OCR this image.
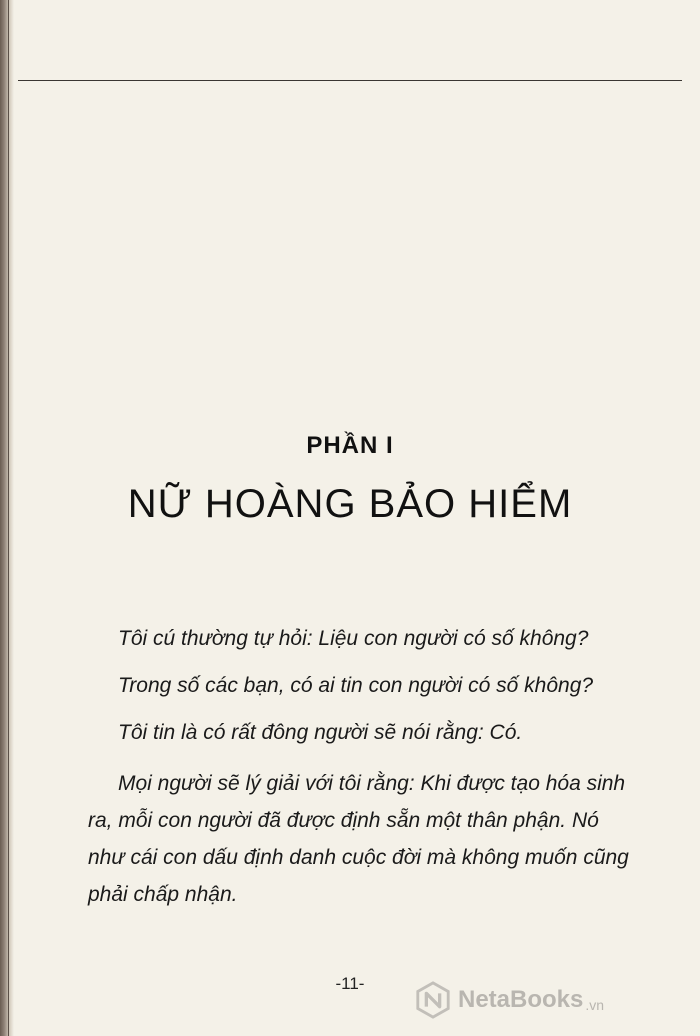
PHẦN I
NỮ HOÀNG BẢO HIỂM

Tôi cú thường tự hỏi: Liệu con người có số không?

Trong số các bạn, có ai tin con người có số không?

Tôi tin là có rất đông người sẽ nói rằng: Có.

Mọi người sẽ lý giải với tôi rằng: Khi được tạo hóa sinh ra, mỗi con người đã được định sẵn một thân phận. Nó như cái con dấu định danh cuộc đời mà không muốn cũng phải chấp nhận.

-11-
NetaBooks .vn
